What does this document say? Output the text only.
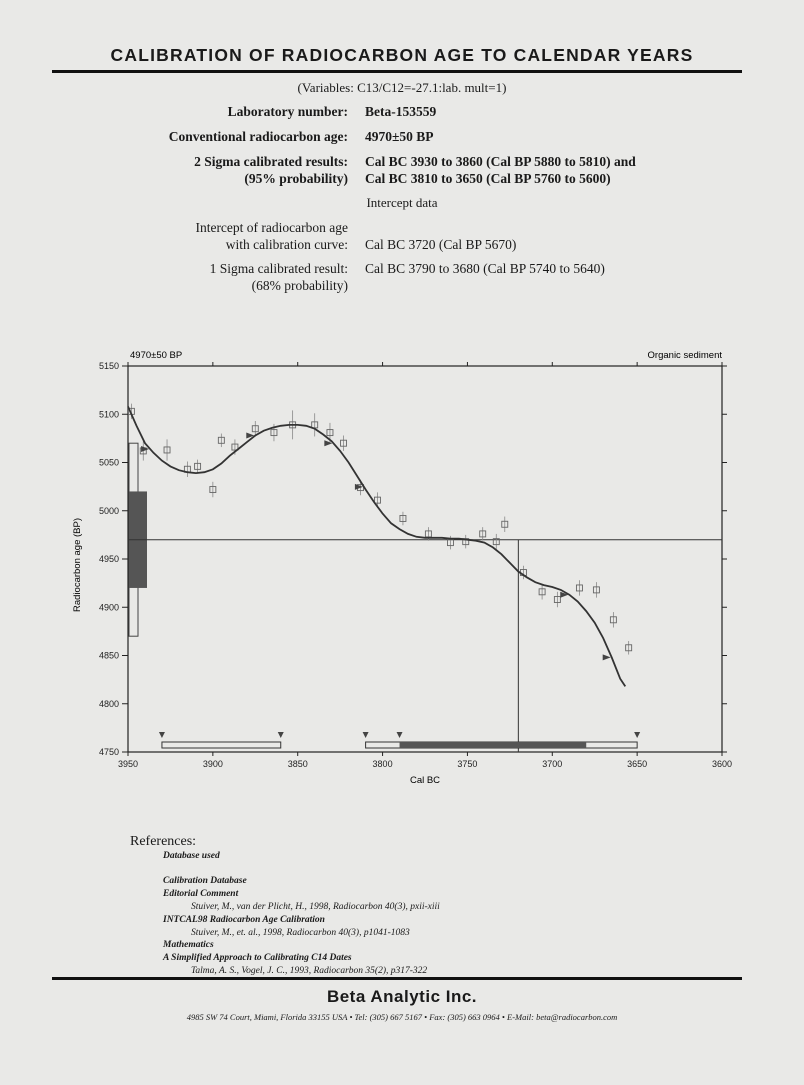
CALIBRATION OF RADIOCARBON AGE TO CALENDAR YEARS
(Variables: C13/C12=-27.1:lab. mult=1)
Laboratory number: Beta-153559
Conventional radiocarbon age: 4970±50 BP
2 Sigma calibrated results: Cal BC 3930 to 3860 (Cal BP 5880 to 5810) and
(95% probability) Cal BC 3810 to 3650 (Cal BP 5760 to 5600)
Intercept data
Intercept of radiocarbon age
with calibration curve: Cal BC 3720 (Cal BP 5670)
1 Sigma calibrated result: Cal BC 3790 to 3680 (Cal BP 5740 to 5640)
(68% probability)
4970±50 BP	Organic sediment
3950	3900	3850	3800	3750	3700	3650	3600
4750
4800
4850
4900
4950
5000
5050
5100
5150
Cal BC
Radiocarbon age (BP)
References:
Database used
Calibration Database
Editorial Comment
Stuiver, M., van der Plicht, H., 1998, Radiocarbon 40(3), pxii-xiii
INTCAL98 Radiocarbon Age Calibration
Stuiver, M., et. al., 1998, Radiocarbon 40(3), p1041-1083
Mathematics
A Simplified Approach to Calibrating C14 Dates
Talma, A. S., Vogel, J. C., 1993, Radiocarbon 35(2), p317-322
Beta Analytic Inc.
4985 SW 74 Court, Miami, Florida 33155 USA • Tel: (305) 667 5167 • Fax: (305) 663 0964 • E-Mail: beta@radiocarbon.com
